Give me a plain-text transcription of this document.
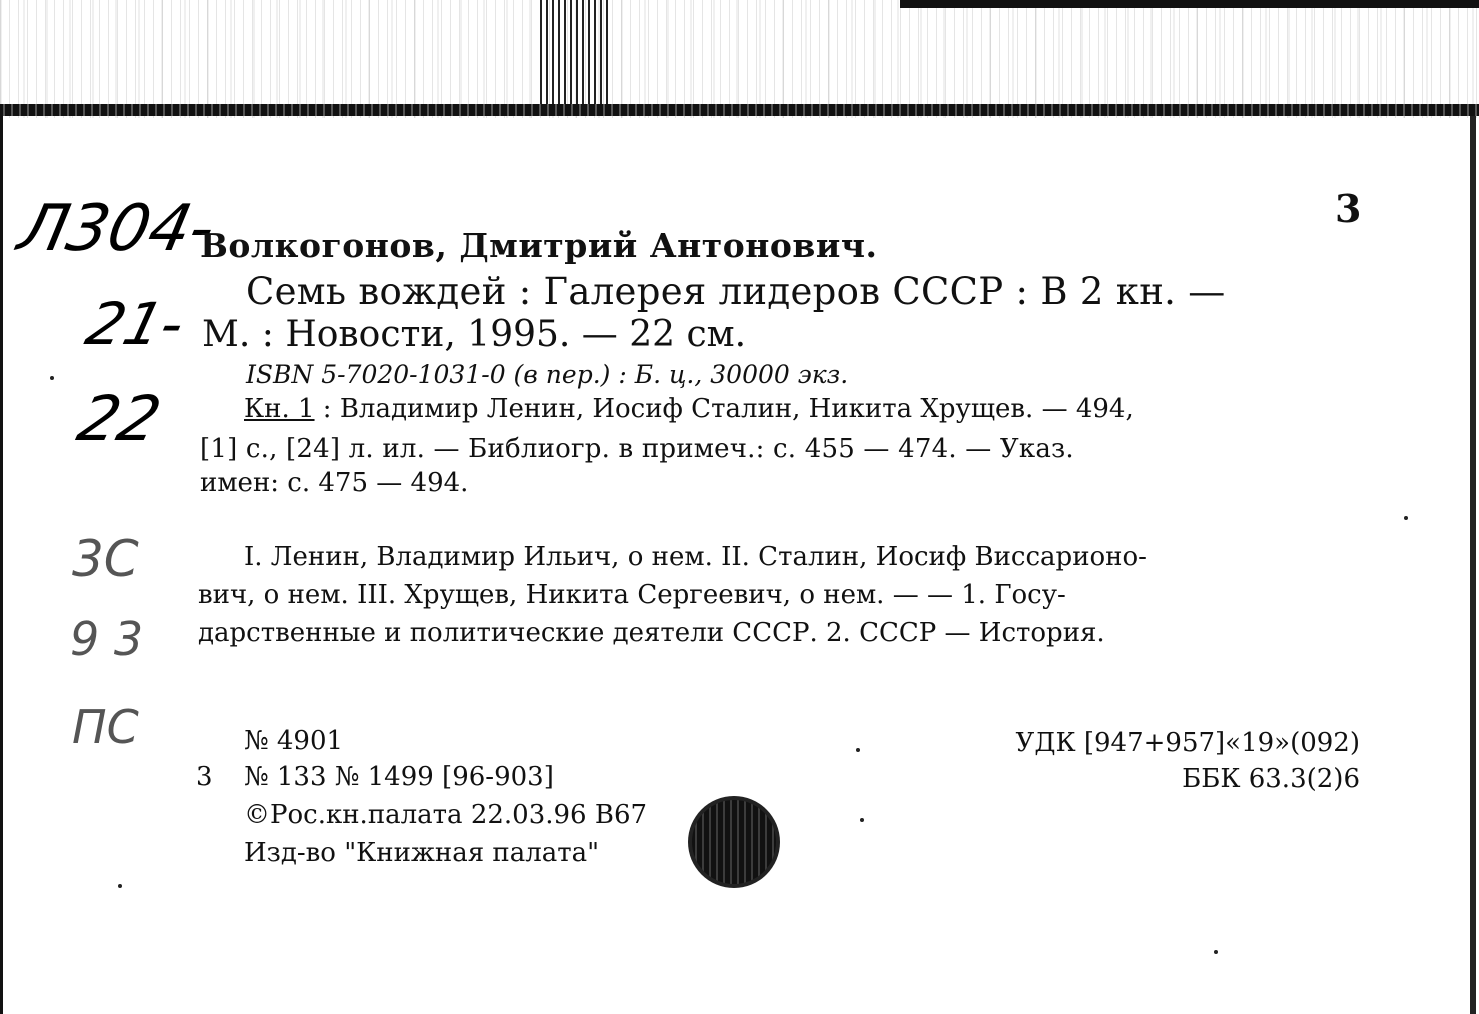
Л304-
21-
22
3С
9 3
ПС
3
Волкогонов, Дмитрий Антонович.
Семь вождей : Галерея лидеров СССР : В 2 кн. —
М. : Новости, 1995. — 22 см.
ISBN 5-7020-1031-0 (в пер.) : Б. ц., 30000 экз.
Кн. 1 : Владимир Ленин, Иосиф Сталин, Никита Хрущев. — 494,
[1] с., [24] л. ил. — Библиогр. в примеч.: с. 455 — 474. — Указ.
имен: с. 475 — 494.
I. Ленин, Владимир Ильич, о нем. II. Сталин, Иосиф Виссарионо-
вич, о нем. III. Хрущев, Никита Сергеевич, о нем. — — 1. Госу-
дарственные и политические деятели СССР. 2. СССР — История.
№ 4901
3 № 133 № 1499 [96-903]
©Рос.кн.палата 22.03.96 В67
Изд-во "Книжная палата"
УДК [947+957]«19»(092)
ББК 63.3(2)6
